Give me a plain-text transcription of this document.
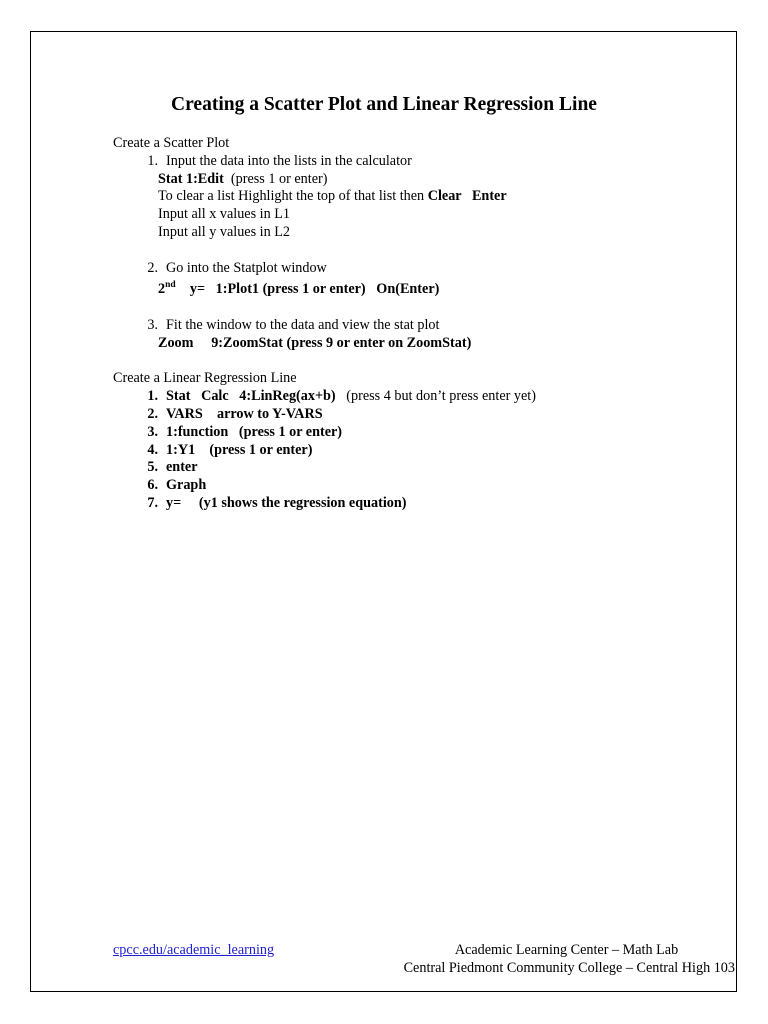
Creating a Scatter Plot and Linear Regression Line
Create a Scatter Plot
1. Input the data into the lists in the calculator
Stat 1:Edit  (press 1 or enter)
To clear a list Highlight the top of that list then Clear   Enter
Input all x values in L1
Input all y values in L2
2. Go into the Statplot window
2nd    y=   1:Plot1 (press 1 or enter)   On(Enter)
3. Fit the window to the data and view the stat plot
Zoom     9:ZoomStat (press 9 or enter on ZoomStat)
Create a Linear Regression Line
1. Stat   Calc   4:LinReg(ax+b)   (press 4 but don’t press enter yet)
2. VARS    arrow to Y-VARS
3. 1:function   (press 1 or enter)
4. 1:Y1    (press 1 or enter)
5. enter
6. Graph
7. y=     (y1 shows the regression equation)
cpcc.edu/academic_learning	Academic Learning Center – Math Lab
Central Piedmont Community College – Central High 103
